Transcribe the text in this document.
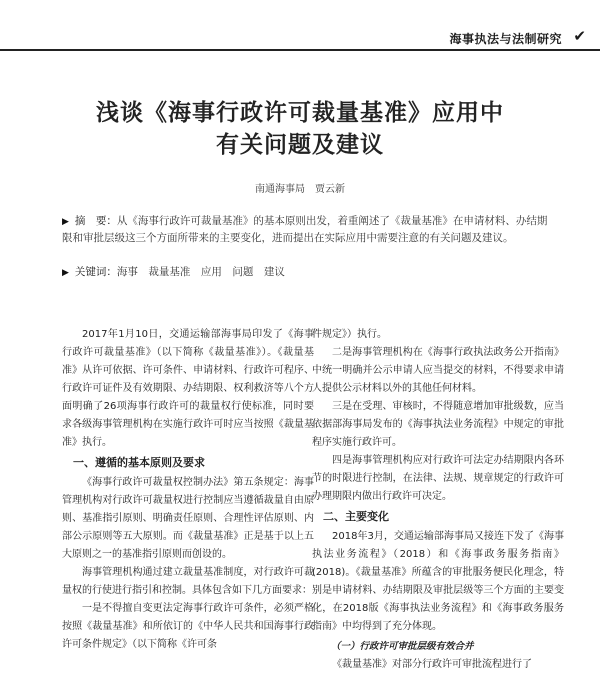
海事执法与法制研究 ✔
浅谈《海事行政许可裁量基准》应用中
有关问题及建议
南通海事局　贾云新
▶ 摘　要：从《海事行政许可裁量基准》的基本原则出发，着重阐述了《裁量基准》在申请材料、办结期限和审批层级这三个方面所带来的主要变化，进而提出在实际应用中需要注意的有关问题及建议。
▶ 关键词：海事　裁量基准　应用　问题　建议

2017年1月10日，交通运输部海事局印发了《海事行政许可裁量基准》（以下简称《裁量基准》）。《裁量基准》从许可依据、许可条件、申请材料、行政许可程序、行政许可证件及有效期限、办结期限、权利救济等八个方面明确了26项海事行政许可的裁量权行使标准，同时要求各级海事管理机构在实施行政许可时应当按照《裁量基准》执行。

一、遵循的基本原则及要求

《海事行政许可裁量权控制办法》第五条规定：海事管理机构对行政许可裁量权进行控制应当遵循裁量自由原则、基准指引原则、明确责任原则、合理性评估原则、内部公示原则等五大原则。而《裁量基准》正是基于以上五大原则之一的基准指引原则而创设的。

海事管理机构通过建立裁量基准制度，对行政许可裁量权的行使进行指引和控制。具体包含如下几方面要求：

一是不得擅自变更法定海事行政许可条件，必须严格按照《裁量基准》和所依订的《中华人民共和国海事行政许可条件规定》（以下简称《许可条

件规定》）执行。

二是海事管理机构在《海事行政执法政务公开指南》中统一明确并公示申请人应当提交的材料，不得要求申请人提供公示材料以外的其他任何材料。

三是在受理、审核时，不得随意增加审批级数，应当依据部海事局发布的《海事执法业务流程》中规定的审批程序实施行政许可。

四是海事管理机构应对行政许可法定办结期限内各环节的时限进行控制，在法律、法规、规章规定的行政许可办理期限内做出行政许可决定。

二、主要变化

2018年3月，交通运输部海事局又接连下发了《海事执法业务流程》（2018）和《海事政务服务指南》(2018)。《裁量基准》所蕴含的审批服务便民化理念，特别是申请材料、办结期限及审批层级等三个方面的主要变化，在2018版《海事执法业务流程》和《海事政务服务指南》中均得到了充分体现。

（一）行政许可审批层级有效合并

《裁量基准》对部分行政许可审批流程进行了
